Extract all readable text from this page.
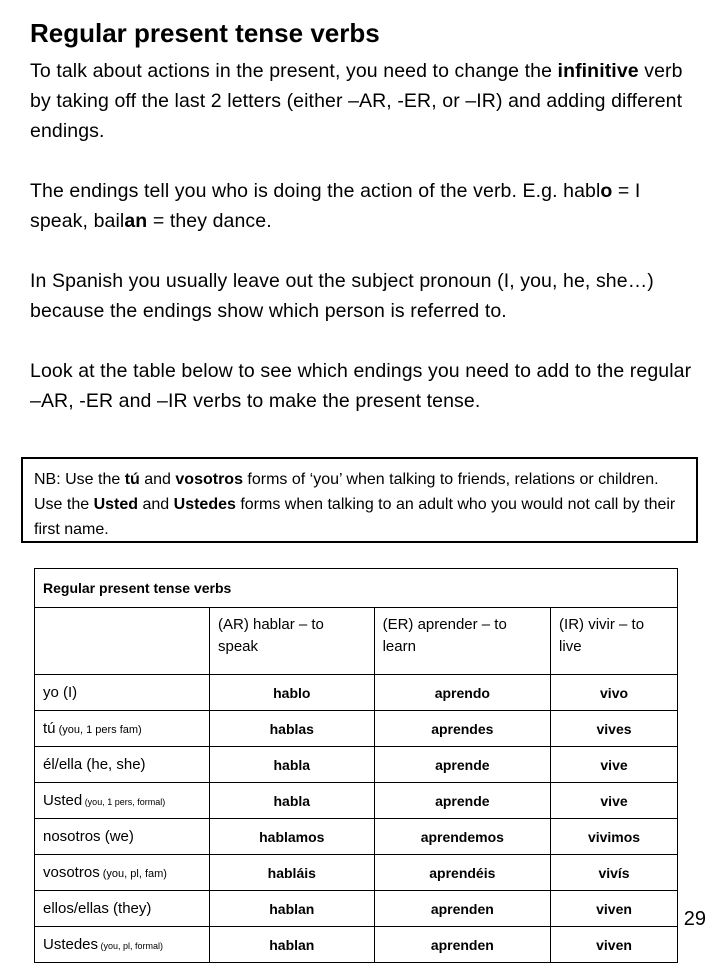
Regular present tense verbs

To talk about actions in the present, you need to change the infinitive verb by taking off the last 2 letters (either –AR, -ER, or –IR) and adding different endings.

The endings tell you who is doing the action of the verb. E.g. hablo = I speak, bailan = they dance.

In Spanish you usually leave out the subject pronoun (I, you, he, she…) because the endings show which person is referred to.

Look at the table below to see which endings you need to add to the regular –AR, -ER and –IR verbs to make the present tense.

NB: Use the tú and vosotros forms of ‘you’ when talking to friends, relations or children. Use the Usted and Ustedes forms when talking to an adult who you would not call by their first name.
Regular present tense verbs			
	(AR) hablar – to speak	(ER) aprender – to learn	(IR) vivir – to live
yo (I)	hablo	aprendo	vivo
tú (you, 1 pers fam)	hablas	aprendes	vives
él/ella (he, she)	habla	aprende	vive
Usted (you, 1 pers, formal)	habla	aprende	vive
nosotros (we)	hablamos	aprendemos	vivimos
vosotros (you, pl, fam)	habláis	aprendéis	vivís
ellos/ellas (they)	hablan	aprenden	viven
Ustedes (you, pl, formal)	hablan	aprenden	viven
29
